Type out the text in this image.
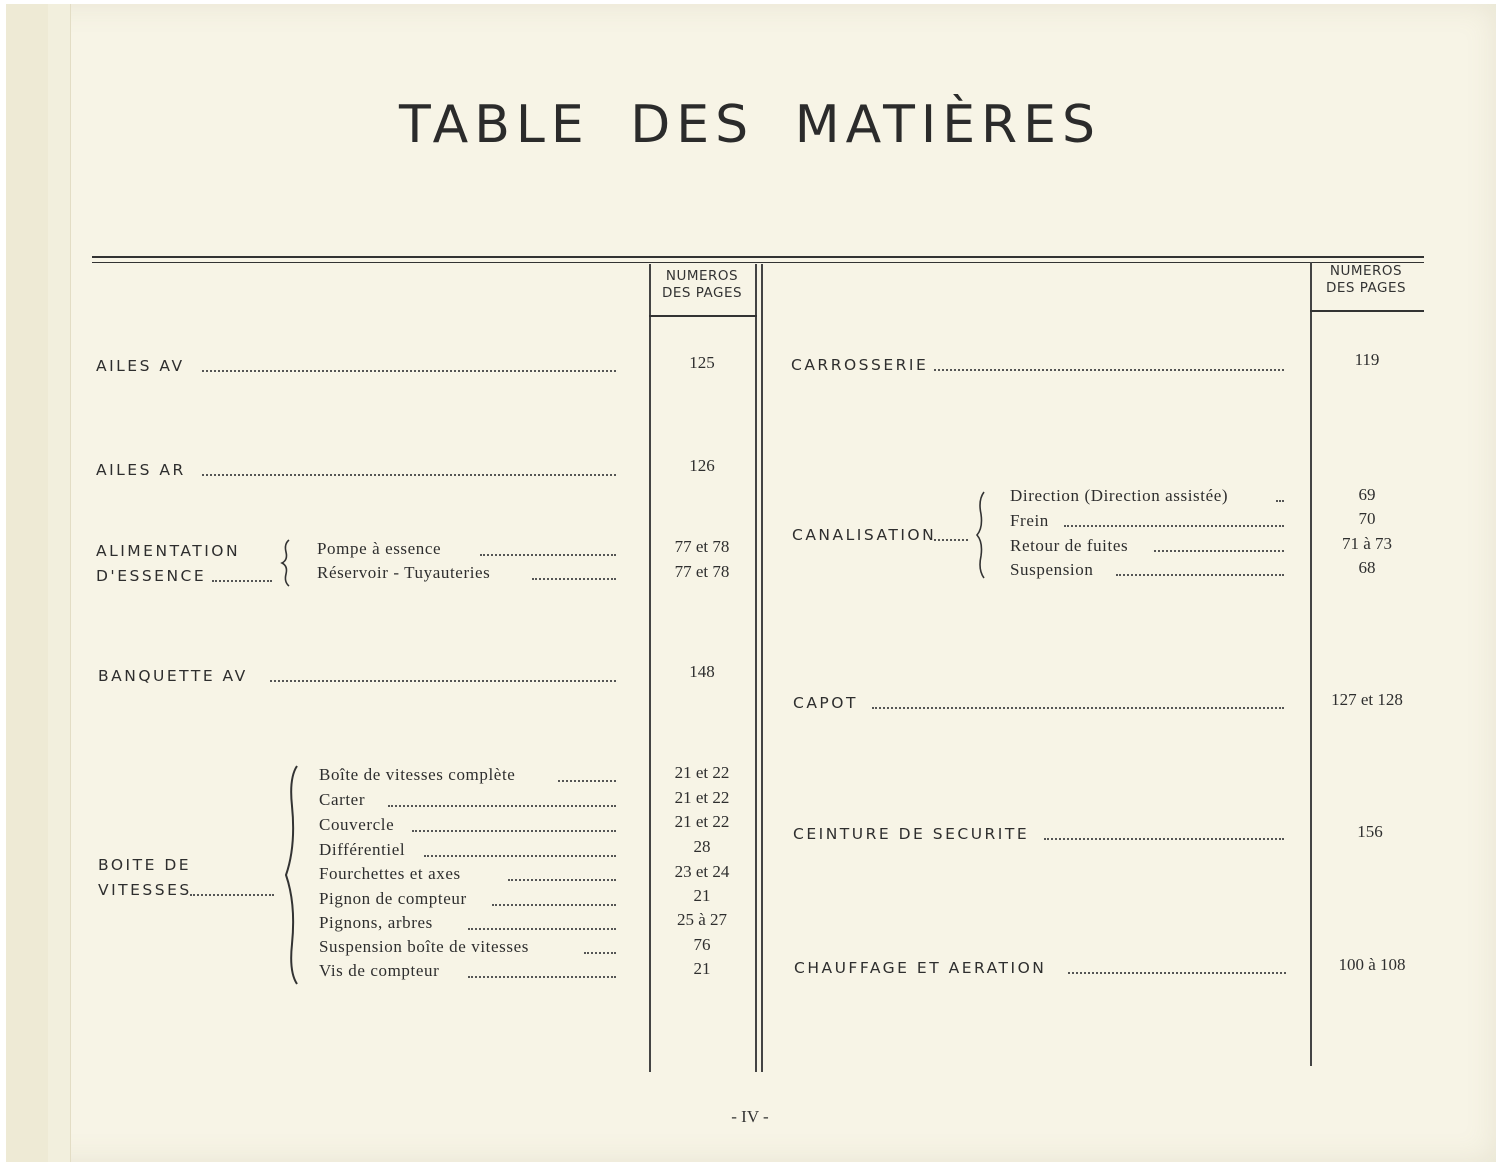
TABLE DES MATIÈRES
NUMEROS
DES PAGES
NUMEROS
DES PAGES
AILES AV	125
AILES AR	126
ALIMENTATION
D'ESSENCE
Pompe à essence	77 et 78
Réservoir - Tuyauteries	77 et 78
BANQUETTE AV	148
BOITE DE
VITESSES
Boîte de vitesses complète	21 et 22
Carter	21 et 22
Couvercle	21 et 22
Différentiel	28
Fourchettes et axes	23 et 24
Pignon de compteur	21
Pignons, arbres	25 à 27
Suspension boîte de vitesses	76
Vis de compteur	21
CARROSSERIE	119
CANALISATION
Direction (Direction assistée)	69
Frein	70
Retour de fuites	71 à 73
Suspension	68
CAPOT	127 et 128
CEINTURE DE SECURITE	156
CHAUFFAGE ET AERATION	100 à 108
- IV -
